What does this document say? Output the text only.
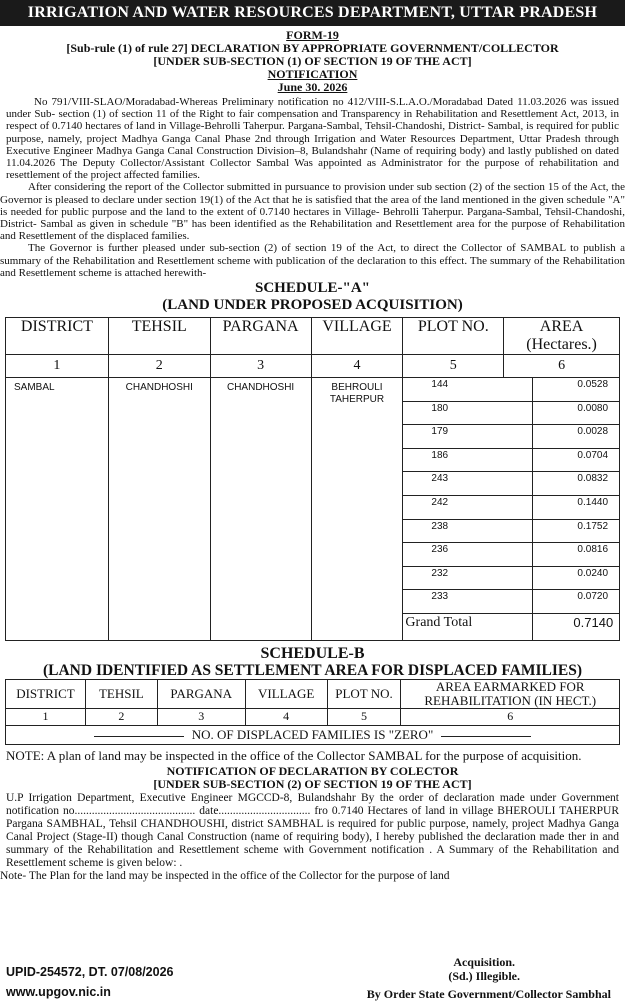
IRRIGATION AND WATER RESOURCES DEPARTMENT, UTTAR PRADESH
FORM-19
[Sub-rule (1) of rule 27] DECLARATION BY APPROPRIATE GOVERNMENT/COLLECTOR
[UNDER SUB-SECTION (1) OF SECTION 19 OF THE ACT]
NOTIFICATION
June 30. 2026

No 791/VIII-SLAO/Moradabad-Whereas Preliminary notification no 412/VIII-S.L.A.O./Moradabad Dated 11.03.2026 was issued under Sub- section (1) of section 11 of the Right to fair compensation and Transparency in Rehabilitation and Resettlement Act, 2013, in respect of 0.7140 hectares of land in Village-Behrolli Taherpur. Pargana-Sambal, Tehsil-Chandoshi, District- Sambal, is required for public purpose, namely, project Madhya Ganga Canal Phase 2nd through Irrigation and Water Resources Department, Uttar Pradesh through Executive Engineer Madhya Ganga Canal Construction Division–8, Bulandshahr (Name of requiring body) and lastly published on dated 11.04.2026 The Deputy Collector/Assistant Collector Sambal Was appointed as Administrator for the purpose of rehabilitation and resettlement of the project affected families.

After considering the report of the Collector submitted in pursuance to provision under sub section (2) of the section 15 of the Act, the Governor is pleased to declare under section 19(1) of the Act that he is satisfied that the area of the land mentioned in the given schedule "A" is needed for public purpose and the land to the extent of 0.7140 hectares in Village- Behrolli Taherpur. Pargana-Sambal, Tehsil-Chandoshi, District- Sambal as given in schedule "B" has been identified as the Rehabilitation and Resettlement area for the purpose of Rehabilitation and Resettlement of the displaced families.

The Governor is further pleased under sub-section (2) of section 19 of the Act, to direct the Collector of SAMBAL to publish a summary of the Rehabilitation and Resettlement scheme with publication of the declaration to this effect. The summary of the Rehabilitation and Resettlement scheme is attached herewith-

SCHEDULE-"A"
(LAND UNDER PROPOSED ACQUISITION)
DISTRICT	TEHSIL	PARGANA	VILLAGE	PLOT NO.	AREA (Hectares.)
1	2	3	4	5	6
SAMBAL	CHANDHOSHI	CHANDHOSHI	BEHROULI TAHERPUR	
144	0.0528
180	0.0080
179	0.0028
186	0.0704
243	0.0832
242	0.1440
238	0.1752
236	0.0816
232	0.0240
233	0.0720
Grand Total	0.7140
SCHEDULE-B
(LAND IDENTIFIED AS SETTLEMENT AREA FOR DISPLACED FAMILIES)
DISTRICT	TEHSIL	PARGANA	VILLAGE	PLOT NO.	AREA EARMARKED FOR REHABILITATION (IN HECT.)
1	2	3	4	5	6
NO. OF DISPLACED FAMILIES IS "ZERO"					
NOTE: A plan of land may be inspected in the office of the Collector SAMBAL for the purpose of acquisition.
NOTIFICATION OF DECLARATION BY COLECTOR
[UNDER SUB-SECTION (2) OF SECTION 19 OF THE ACT]

U.P Irrigation Department, Executive Engineer MGCCD-8, Bulandshahr By the order of declaration made under Government notification no.......................................... date................................ fro 0.7140 Hectares of land in village BHEROULI TAHERPUR Pargana SAMBHAL, Tehsil CHANDHOUSHI, district SAMBHAL is required for public purpose, namely, project Madhya Ganga Canal Project (Stage-II) though Canal Construction (name of requiring body), I hereby published the declaration made ther in and summary of the Rehabilitation and Resettlement scheme with Government notification . A Summary of the Rehabilitation and Resettlement scheme is given below: .

Note- The Plan for the land may be inspected in the office of the Collector for the purpose of land

UPID-254572, DT. 07/08/2026
www.upgov.nic.in
Acquisition.
(Sd.) Illegible.
By Order State Government/Collector Sambhal
